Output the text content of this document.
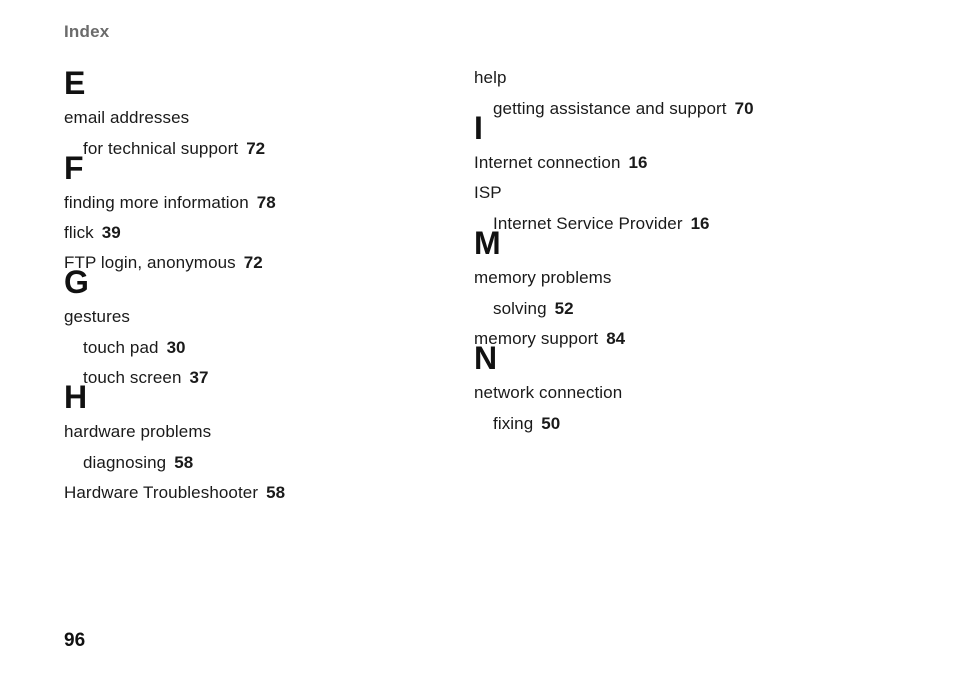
Index
E
email addresses
for technical support 72
F
finding more information 78
flick 39
FTP login, anonymous 72
G
gestures
touch pad 30
touch screen 37
H
hardware problems
diagnosing 58
Hardware Troubleshooter 58
help
getting assistance and support 70
I
Internet connection 16
ISP
Internet Service Provider 16
M
memory problems
solving 52
memory support 84
N
network connection
fixing 50
96
